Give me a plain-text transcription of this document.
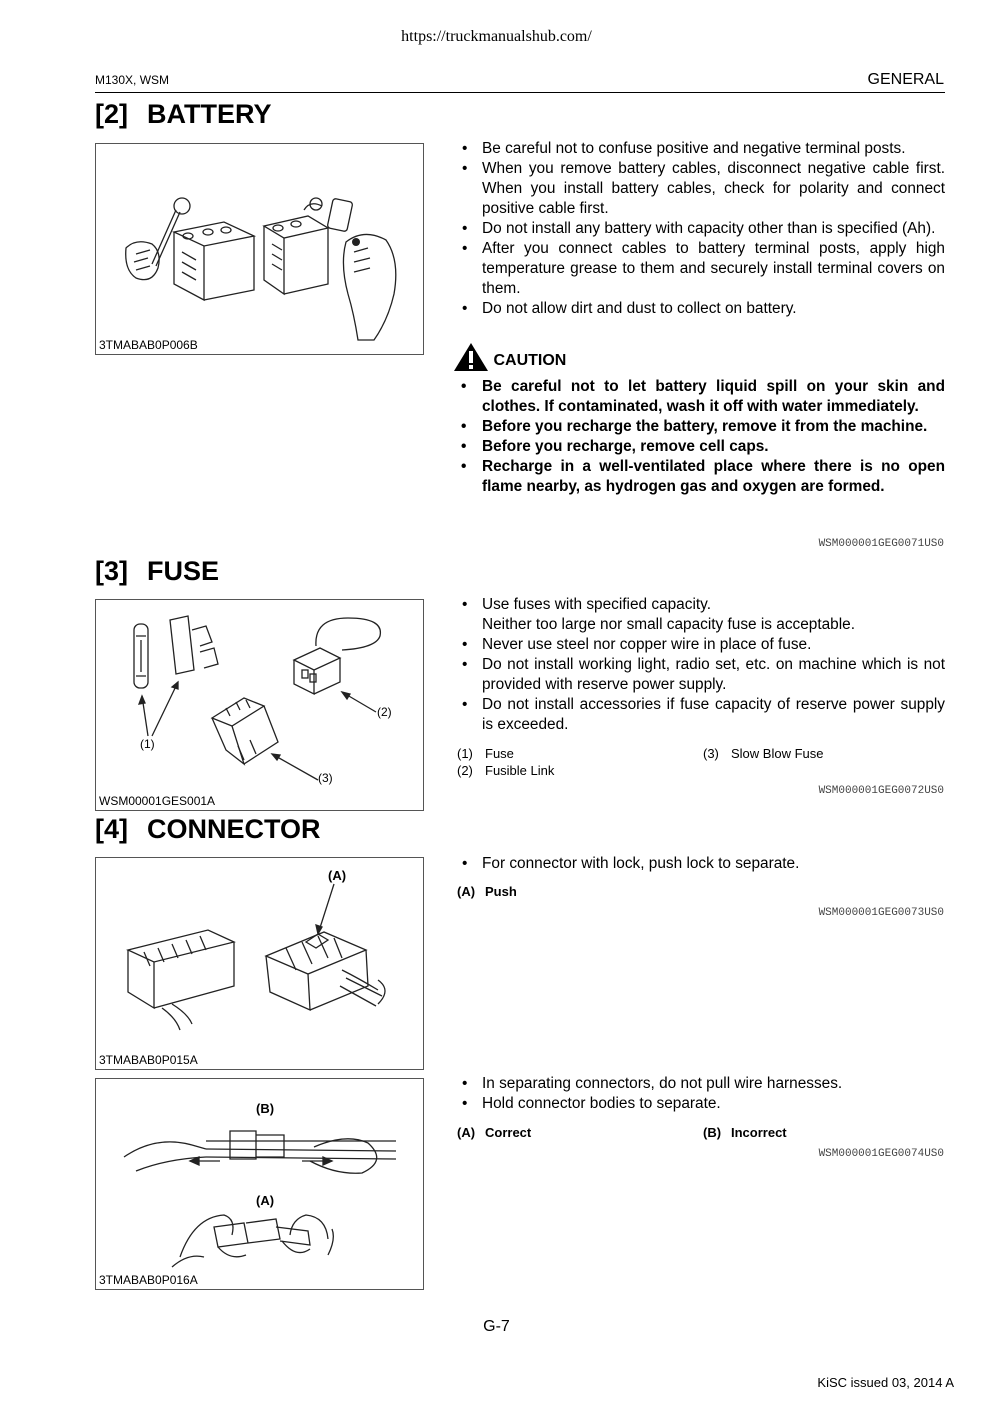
https://truckmanualshub.com/
M130X, WSM	GENERAL
[2] BATTERY
3TMABAB0P006B
• Be careful not to confuse positive and negative terminal posts.
• When you remove battery cables, disconnect negative cable first. When you install battery cables, check for polarity and connect positive cable first.
• Do not install any battery with capacity other than is specified (Ah).
• After you connect cables to battery terminal posts, apply high temperature grease to them and securely install terminal covers on them.
• Do not allow dirt and dust to collect on battery.
CAUTION
• Be careful not to let battery liquid spill on your skin and clothes. If contaminated, wash it off with water immediately.
• Before you recharge the battery, remove it from the machine.
• Before you recharge, remove cell caps.
• Recharge in a well-ventilated place where there is no open flame nearby, as hydrogen gas and oxygen are formed.
WSM000001GEG0071US0
[3] FUSE
(1)
(2)
(3)
WSM00001GES001A
• Use fuses with specified capacity.
Neither too large nor small capacity fuse is acceptable.
• Never use steel nor copper wire in place of fuse.
• Do not install working light, radio set, etc. on machine which is not provided with reserve power supply.
• Do not install accessories if fuse capacity of reserve power supply is exceeded.
(1) Fuse
(2) Fusible Link
(3) Slow Blow Fuse
WSM000001GEG0072US0
[4] CONNECTOR
(A)
3TMABAB0P015A
• For connector with lock, push lock to separate.
(A) Push
WSM000001GEG0073US0
(B)
(A)
3TMABAB0P016A
• In separating connectors, do not pull wire harnesses.
• Hold connector bodies to separate.
(A) Correct	(B) Incorrect
WSM000001GEG0074US0
G-7
KiSC issued 03, 2014 A
